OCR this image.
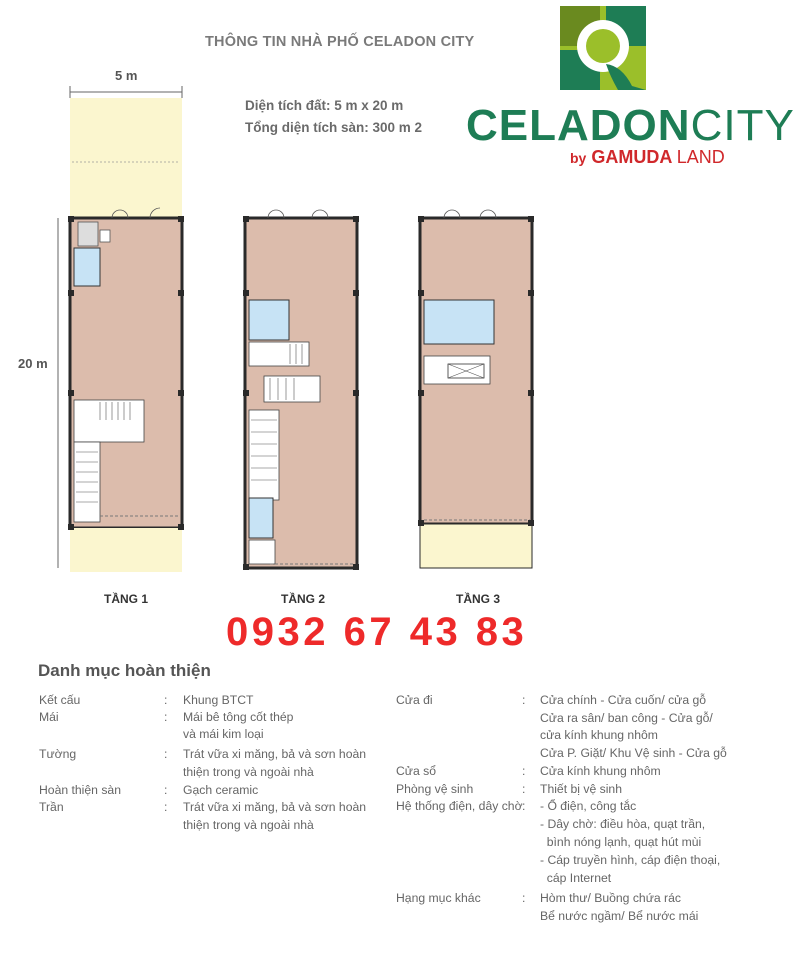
THÔNG TIN NHÀ PHỐ CELADON CITY
Diện tích đất: 5 m x 20 m
Tổng diện tích sàn: 300 m 2 CELADONCITY
by GAMUDA LAND
5 m
20 m
TẦNG 1	TẦNG 2	TẦNG 3
0932 67 43 83
Danh mục hoàn thiện
Kết cấu	: Khung BTCT
Mái	: Mái bê tông cốt thép
và mái kim loại
Tường	: Trát vữa xi măng, bả và sơn hoàn
thiện trong và ngoài nhà
Hoàn thiện sàn	: Gạch ceramic
Trần	: Trát vữa xi măng, bả và sơn hoàn
thiện trong và ngoài nhà
Cửa đi	: Cửa chính - Cửa cuốn/ cửa gỗ
Cửa ra sân/ ban công - Cửa gỗ/
cửa kính khung nhôm
Cửa P. Giặt/ Khu Vệ sinh - Cửa gỗ
Cửa sổ	: Cửa kính khung nhôm
Phòng vệ sinh	: Thiết bị vệ sinh
Hệ thống điện, dây chờ : - Ổ điện, công tắc
- Dây chờ: điều hòa, quạt trần,
bình nóng lạnh, quạt hút mùi
- Cáp truyền hình, cáp điện thoại,
cáp Internet
Hạng mục khác	: Hòm thư/ Buồng chứa rác
Bể nước ngầm/ Bể nước mái
